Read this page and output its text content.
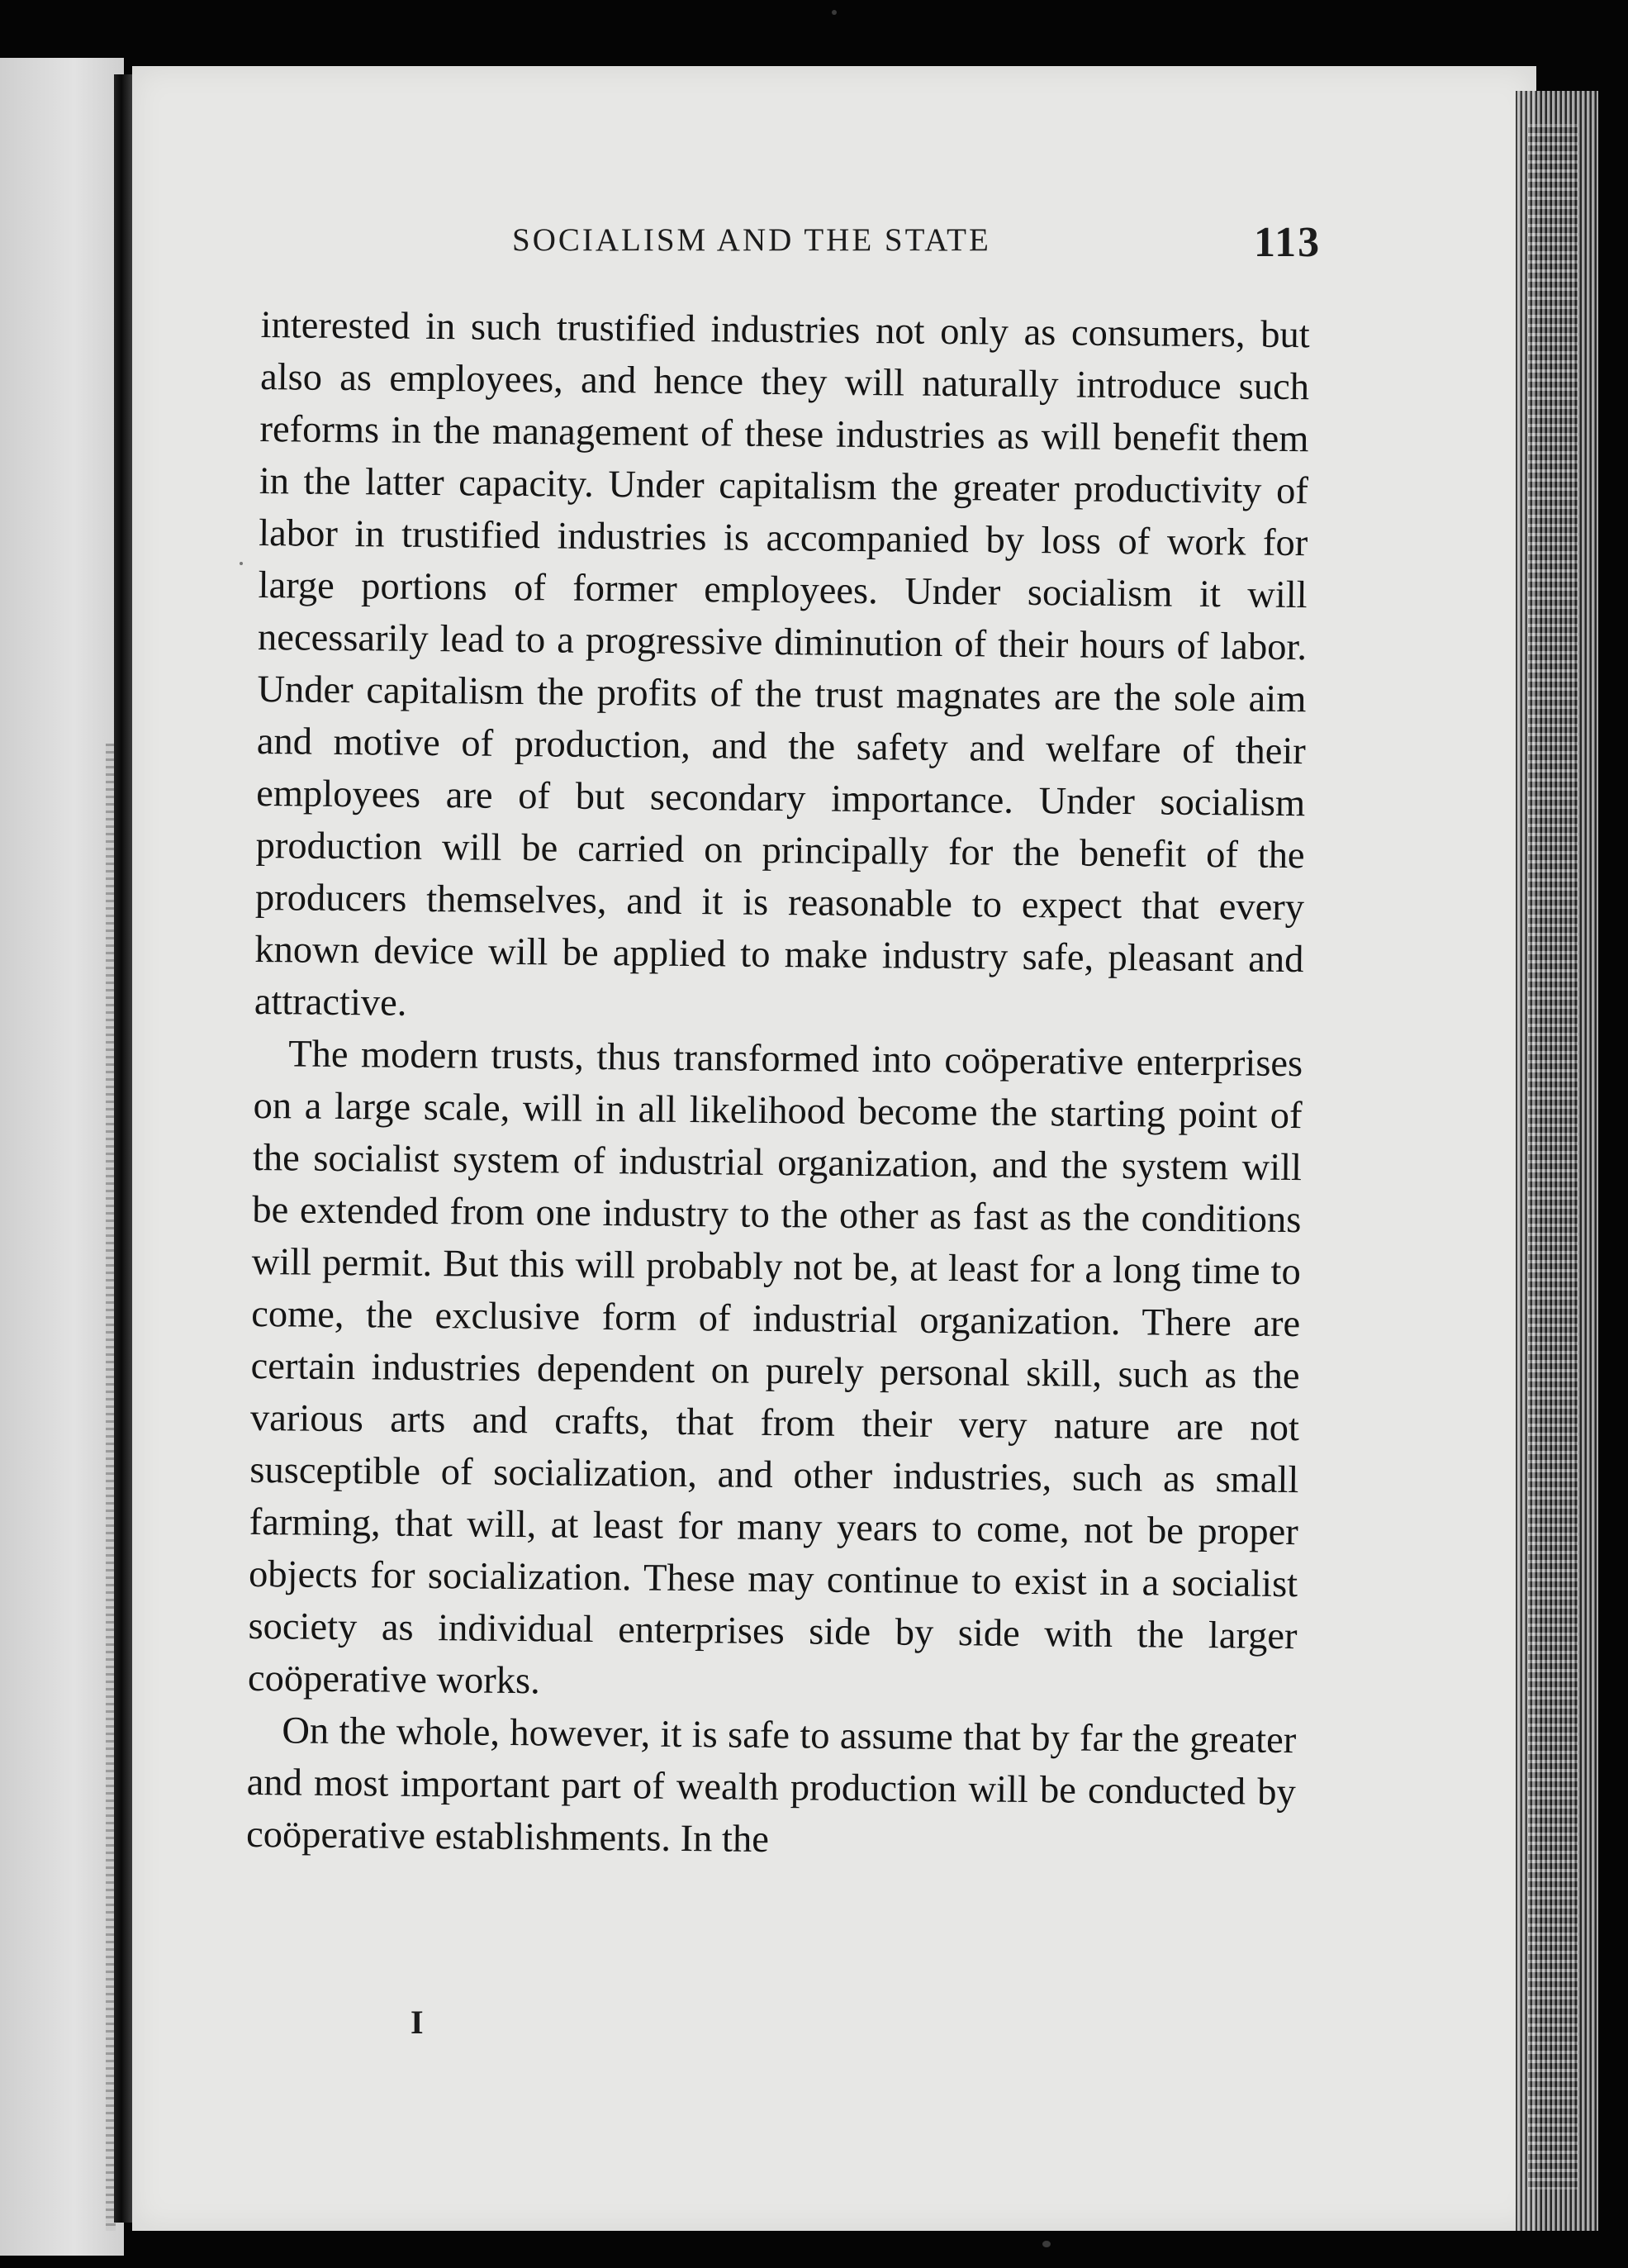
SOCIALISM AND THE STATE	113

interested in such trustified industries not only as consumers, but also as employees, and hence they will naturally introduce such reforms in the management of these industries as will benefit them in the latter capacity. Under capitalism the greater productivity of labor in trustified industries is accompanied by loss of work for large portions of former employees. Under socialism it will necessarily lead to a progressive diminution of their hours of labor. Under capitalism the profits of the trust magnates are the sole aim and motive of production, and the safety and welfare of their employees are of but secondary importance. Under socialism production will be carried on principally for the benefit of the producers themselves, and it is reasonable to expect that every known device will be applied to make industry safe, pleasant and attractive.

The modern trusts, thus transformed into coöperative enterprises on a large scale, will in all likelihood become the starting point of the socialist system of industrial organization, and the system will be extended from one industry to the other as fast as the conditions will permit. But this will probably not be, at least for a long time to come, the exclusive form of industrial organization. There are certain industries dependent on purely personal skill, such as the various arts and crafts, that from their very nature are not susceptible of socialization, and other industries, such as small farming, that will, at least for many years to come, not be proper objects for socialization. These may continue to exist in a socialist society as individual enterprises side by side with the larger coöperative works.

On the whole, however, it is safe to assume that by far the greater and most important part of wealth production will be conducted by coöperative establishments. In the

I
